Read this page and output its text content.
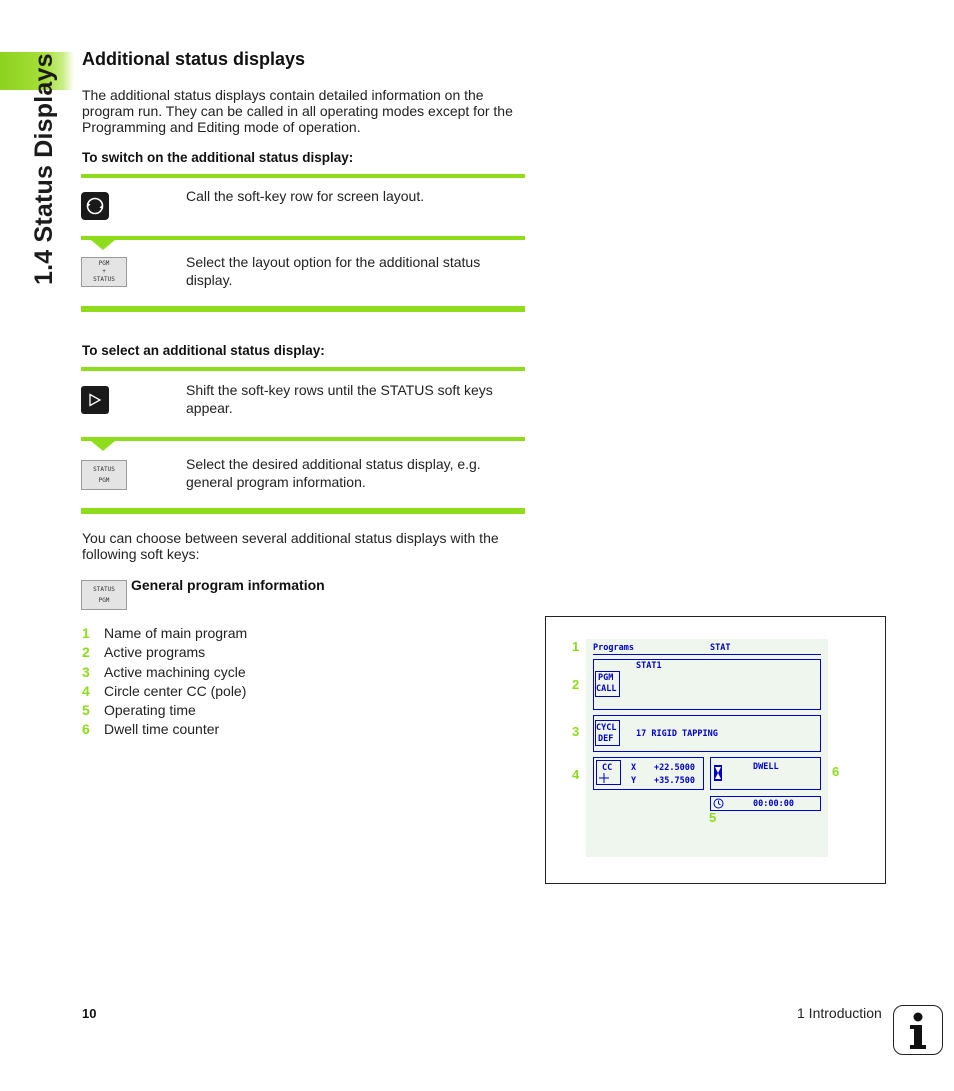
1.4 Status Displays Additional status displays
The additional status displays contain detailed information on the program run. They can be called in all operating modes except for the Programming and Editing mode of operation.
To switch on the additional status display:
Call the soft-key row for screen layout.
PGM
+
STATUS
Select the layout option for the additional status display.
To select an additional status display:
Shift the soft-key rows until the STATUS soft keys appear.
STATUS
PGM
Select the desired additional status display, e.g. general program information.
You can choose between several additional status displays with the following soft keys:
STATUS
PGM
General program information
1 Name of main program
2 Active programs
3 Active machining cycle
4 Circle center CC (pole)
5 Operating time
6 Dwell time counter
Programs	STAT
STAT1
PGM
CALL
CYCL
DEF	17 RIGID TAPPING
CC X +22.5000
Y +35.7500
DWELL
00:00:00
1
2
3
4
5
6
10	1 Introduction
